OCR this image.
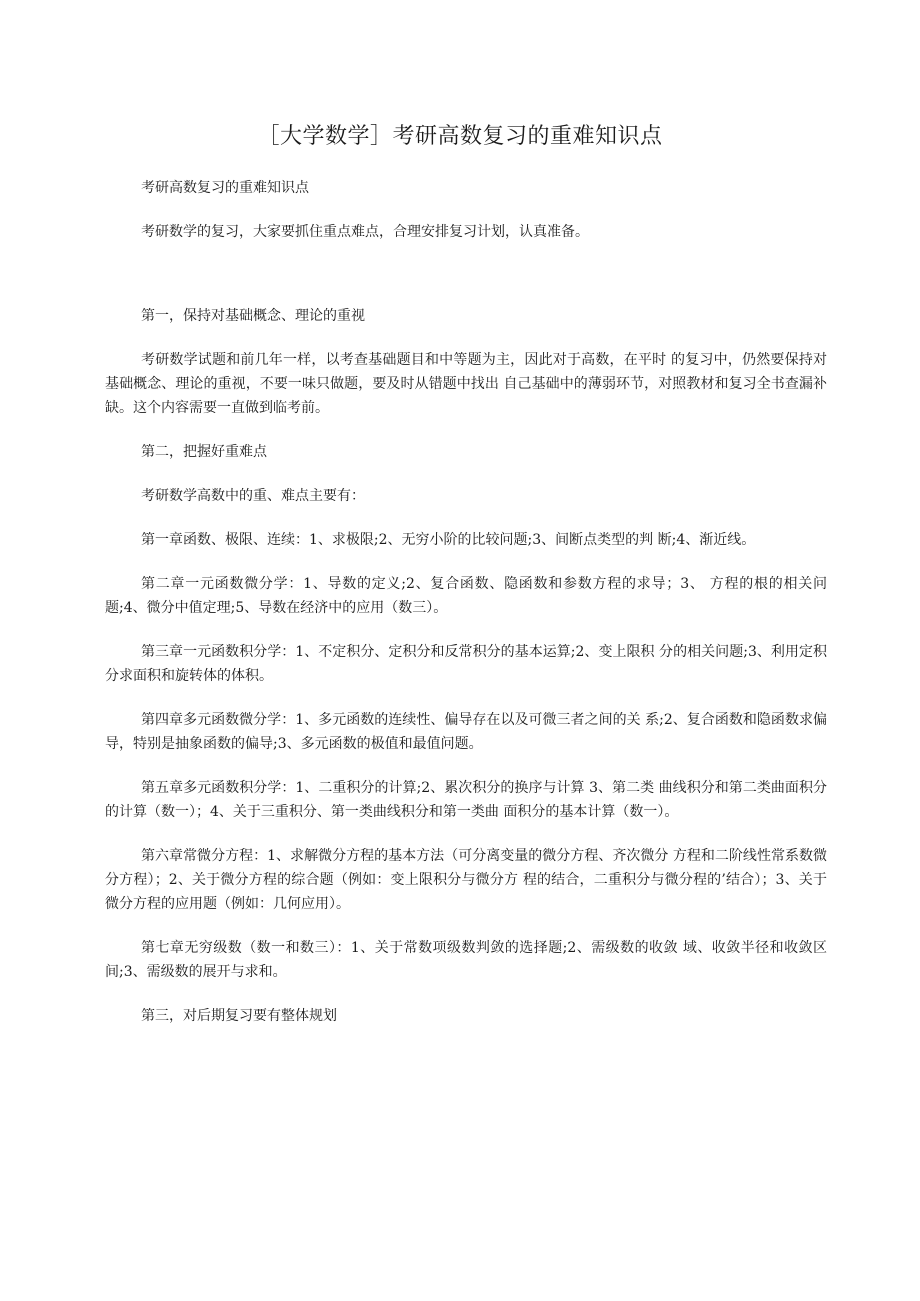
［大学数学］考研高数复习的重难知识点

考研高数复习的重难知识点

考研数学的复习，大家要抓住重点难点，合理安排复习计划，认真准备。

第一，保持对基础概念、理论的重视

考研数学试题和前几年一样，以考查基础题目和中等题为主，因此对于高数，在平时 的复习中，仍然要保持对基础概念、理论的重视，不要一味只做题，要及时从错题中找出 自己基础中的薄弱环节，对照教材和复习全书查漏补缺。这个内容需要一直做到临考前。

第二，把握好重难点

考研数学高数中的重、难点主要有：

第一章函数、极限、连续：1、求极限;2、无穷小阶的比较问题;3、间断点类型的判 断;4、渐近线。

第二章一元函数微分学：1、导数的定义;2、复合函数、隐函数和参数方程的求导；3、 方程的根的相关问题;4、微分中值定理;5、导数在经济中的应用（数三）。

第三章一元函数积分学：1、不定积分、定积分和反常积分的基本运算;2、变上限积 分的相关问题;3、利用定积分求面积和旋转体的体积。

第四章多元函数微分学：1、多元函数的连续性、偏导存在以及可微三者之间的关 系;2、复合函数和隐函数求偏导，特别是抽象函数的偏导;3、多元函数的极值和最值问题。

第五章多元函数积分学：1、二重积分的计算;2、累次积分的换序与计算 3、第二类 曲线积分和第二类曲面积分的计算（数一）；4、关于三重积分、第一类曲线积分和第一类曲 面积分的基本计算（数一）。

第六章常微分方程：1、求解微分方程的基本方法（可分离变量的微分方程、齐次微分 方程和二阶线性常系数微分方程）；2、关于微分方程的综合题（例如：变上限积分与微分方 程的结合，二重积分与微分程的’结合）；3、关于微分方程的应用题（例如：几何应用）。

第七章无穷级数（数一和数三）：1、关于常数项级数判敛的选择题;2、需级数的收敛 域、收敛半径和收敛区间;3、需级数的展开与求和。

第三，对后期复习要有整体规划
